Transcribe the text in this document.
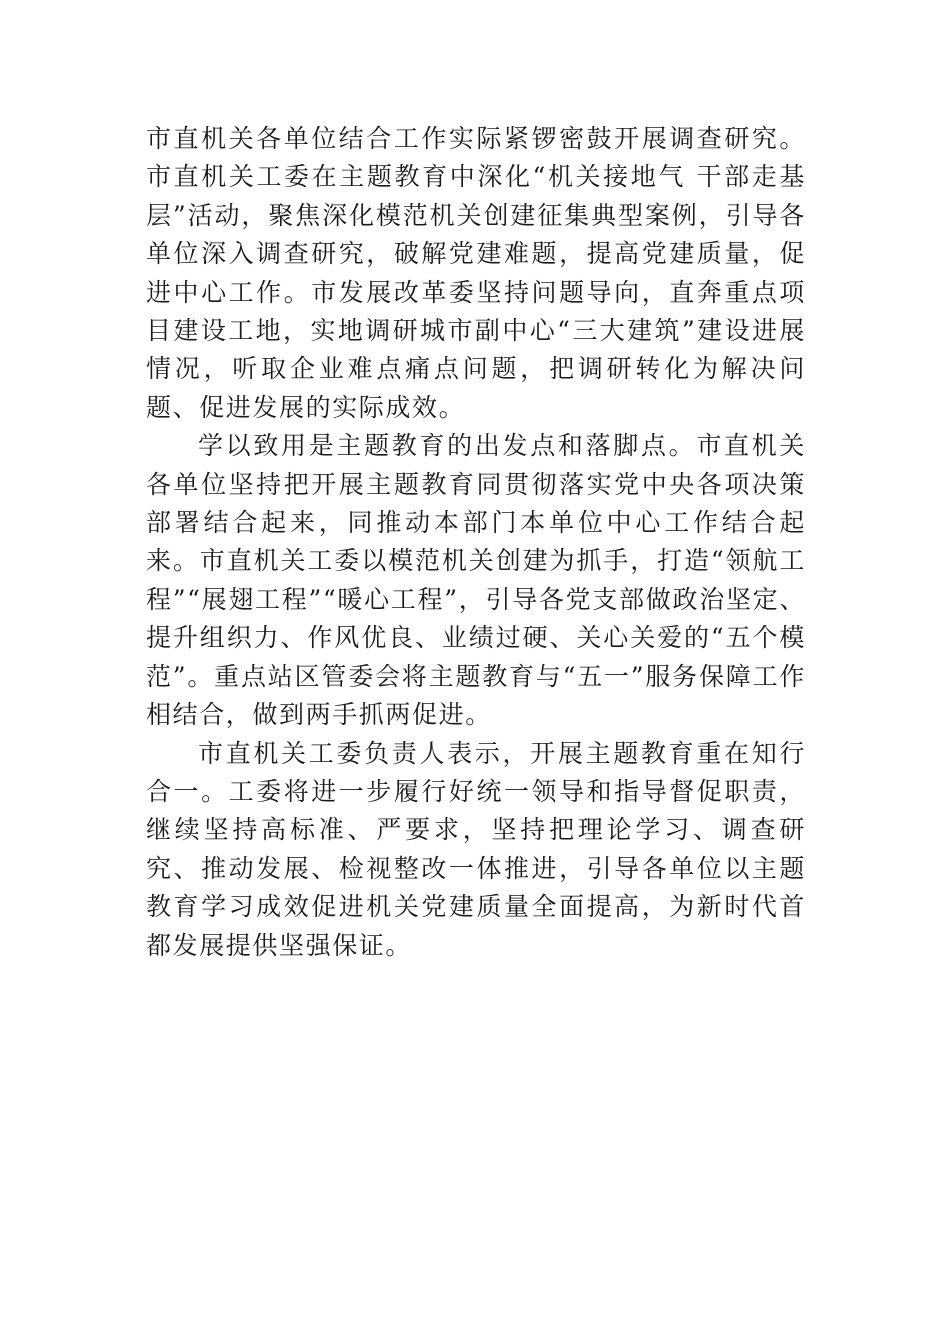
市直机关各单位结合工作实际紧锣密鼓开展调查研究。市直机关工委在主题教育中深化“机关接地气 干部走基层”活动，聚焦深化模范机关创建征集典型案例，引导各单位深入调查研究，破解党建难题，提高党建质量，促进中心工作。市发展改革委坚持问题导向，直奔重点项目建设工地，实地调研城市副中心“三大建筑”建设进展情况，听取企业难点痛点问题，把调研转化为解决问题、促进发展的实际成效。

学以致用是主题教育的出发点和落脚点。市直机关各单位坚持把开展主题教育同贯彻落实党中央各项决策部署结合起来，同推动本部门本单位中心工作结合起来。市直机关工委以模范机关创建为抓手，打造“领航工程”“展翅工程”“暖心工程”，引导各党支部做政治坚定、提升组织力、作风优良、业绩过硬、关心关爱的“五个模范”。重点站区管委会将主题教育与“五一”服务保障工作相结合，做到两手抓两促进。

市直机关工委负责人表示，开展主题教育重在知行合一。工委将进一步履行好统一领导和指导督促职责，继续坚持高标准、严要求，坚持把理论学习、调查研究、推动发展、检视整改一体推进，引导各单位以主题教育学习成效促进机关党建质量全面提高，为新时代首都发展提供坚强保证。
